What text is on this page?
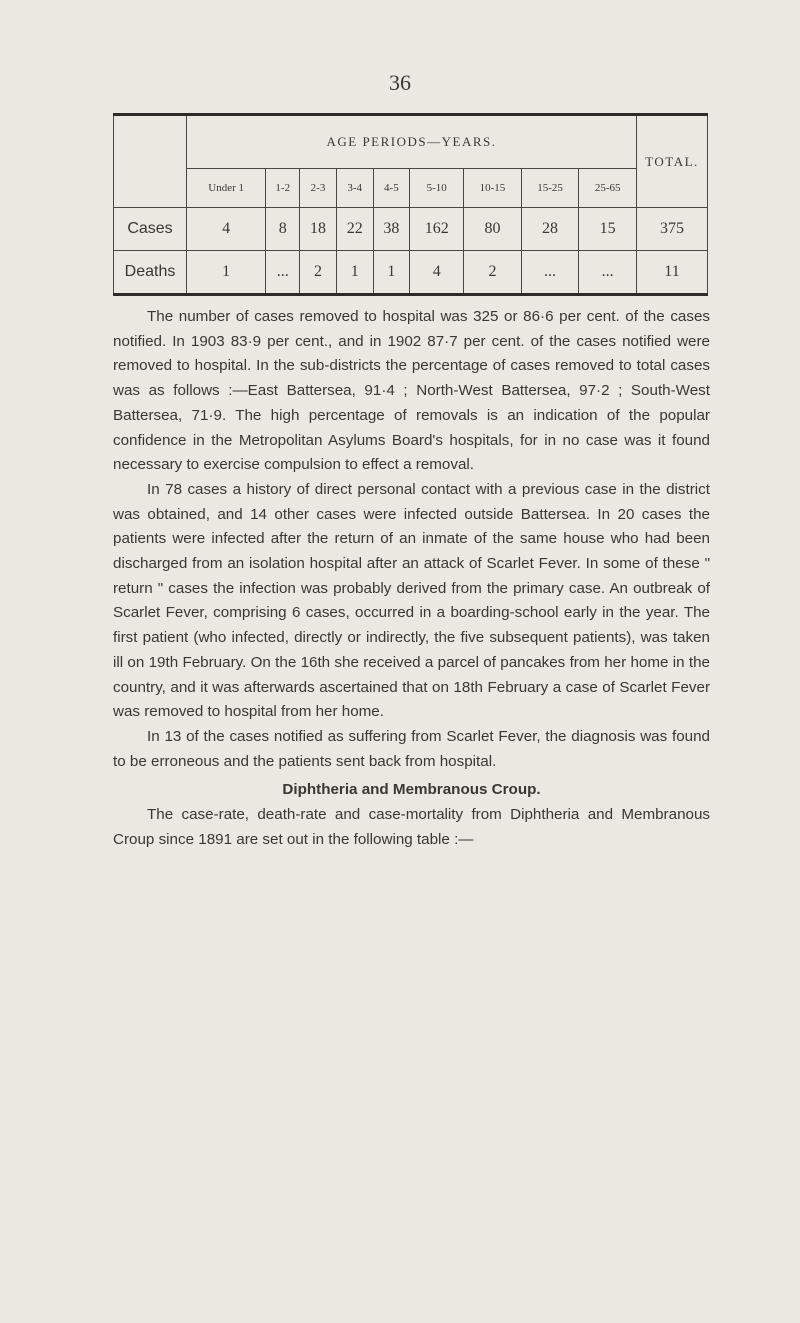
36
	AGE PERIODS—YEARS.									TOTAL.
	Under 1	1-2	2-3	3-4	4-5	5-10	10-15	15-25	25-65	
Cases	4	8	18	22	38	162	80	28	15	375
Deaths	1	...	2	1	1	4	2	...	...	11

The number of cases removed to hospital was 325 or 86·6 per cent. of the cases notified. In 1903 83·9 per cent., and in 1902 87·7 per cent. of the cases notified were removed to hospital. In the sub-districts the percentage of cases removed to total cases was as follows :—East Battersea, 91·4 ; North-West Battersea, 97·2 ; South-West Battersea, 71·9. The high percentage of removals is an indication of the popular confidence in the Metropolitan Asylums Board's hospitals, for in no case was it found necessary to exercise compulsion to effect a removal.

In 78 cases a history of direct personal contact with a previous case in the district was obtained, and 14 other cases were infected outside Battersea. In 20 cases the patients were infected after the return of an inmate of the same house who had been discharged from an isolation hospital after an attack of Scarlet Fever. In some of these " return " cases the infection was probably derived from the primary case. An outbreak of Scarlet Fever, comprising 6 cases, occurred in a boarding-school early in the year. The first patient (who infected, directly or indirectly, the five subsequent patients), was taken ill on 19th February. On the 16th she received a parcel of pancakes from her home in the country, and it was afterwards ascertained that on 18th February a case of Scarlet Fever was removed to hospital from her home.

In 13 of the cases notified as suffering from Scarlet Fever, the diagnosis was found to be erroneous and the patients sent back from hospital.

Diphtheria and Membranous Croup.

The case-rate, death-rate and case-mortality from Diphtheria and Membranous Croup since 1891 are set out in the following table :—
